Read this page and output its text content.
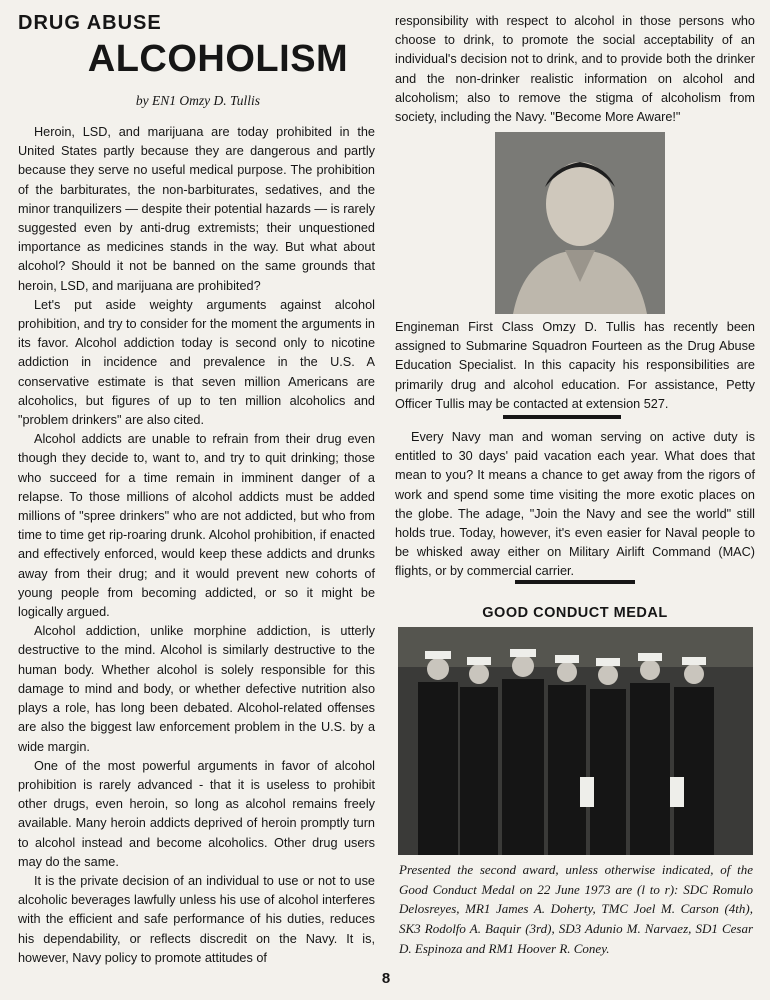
DRUG ABUSE
ALCOHOLISM
by EN1 Omzy D. Tullis

Heroin, LSD, and marijuana are today prohibited in the United States partly because they are dangerous and partly because they serve no useful medical purpose. The prohibition of the barbiturates, the non-barbiturates, sedatives, and the minor tranquilizers — despite their potential hazards — is rarely suggested even by anti-drug extremists; their unquestioned importance as medicines stands in the way. But what about alcohol? Should it not be banned on the same grounds that heroin, LSD, and marijuana are prohibited?

Let's put aside weighty arguments against alcohol prohibition, and try to consider for the moment the arguments in its favor. Alcohol addiction today is second only to nicotine addiction in incidence and prevalence in the U.S. A conservative estimate is that seven million Americans are alcoholics, but figures of up to ten million alcoholics and "problem drinkers" are also cited.

Alcohol addicts are unable to refrain from their drug even though they decide to, want to, and try to quit drinking; those who succeed for a time remain in imminent danger of a relapse. To those millions of alcohol addicts must be added millions of "spree drinkers" who are not addicted, but who from time to time get rip-roaring drunk. Alcohol prohibition, if enacted and effectively enforced, would keep these addicts and drunks away from their drug; and it would prevent new cohorts of young people from becoming addicted, or so it might be logically argued.

Alcohol addiction, unlike morphine addiction, is utterly destructive to the mind. Alcohol is similarly destructive to the human body. Whether alcohol is solely responsible for this damage to mind and body, or whether defective nutrition also plays a role, has long been debated. Alcohol-related offenses are also the biggest law enforcement problem in the U.S. by a wide margin.

One of the most powerful arguments in favor of alcohol prohibition is rarely advanced - that it is useless to prohibit other drugs, even heroin, so long as alcohol remains freely available. Many heroin addicts deprived of heroin promptly turn to alcohol instead and become alcoholics. Other drug users may do the same.

It is the private decision of an individual to use or not to use alcoholic beverages lawfully unless his use of alcohol interferes with the efficient and safe performance of his duties, reduces his dependability, or reflects discredit on the Navy. It is, however, Navy policy to promote attitudes of

responsibility with respect to alcohol in those persons who choose to drink, to promote the social acceptability of an individual's decision not to drink, and to provide both the drinker and the non-drinker realistic information on alcohol and alcoholism; also to remove the stigma of alcoholism from society, including the Navy. "Become More Aware!"

Engineman First Class Omzy D. Tullis has recently been assigned to Submarine Squadron Fourteen as the Drug Abuse Education Specialist. In this capacity his responsibilities are primarily drug and alcohol education. For assistance, Petty Officer Tullis may be contacted at extension 527.

Every Navy man and woman serving on active duty is entitled to 30 days' paid vacation each year. What does that mean to you? It means a chance to get away from the rigors of work and spend some time visiting the more exotic places on the globe. The adage, "Join the Navy and see the world" still holds true. Today, however, it's even easier for Naval people to be whisked away either on Military Airlift Command (MAC) flights, or by commercial carrier.

GOOD CONDUCT MEDAL

Presented the second award, unless otherwise indicated, of the Good Conduct Medal on 22 June 1973 are (l to r): SDC Romulo Delosreyes, MR1 James A. Doherty, TMC Joel M. Carson (4th), SK3 Rodolfo A. Baquir (3rd), SD3 Adunio M. Narvaez, SD1 Cesar D. Espinoza and RM1 Hoover R. Coney.

8
